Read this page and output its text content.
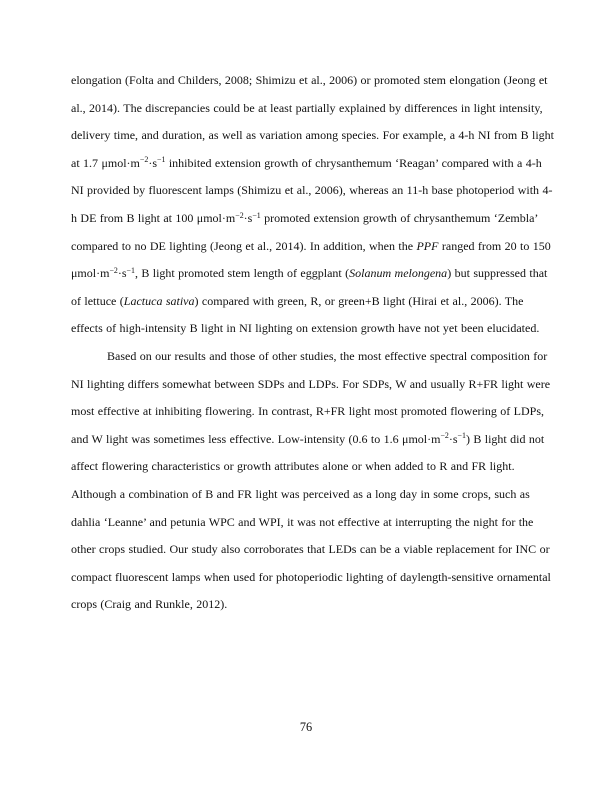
elongation (Folta and Childers, 2008; Shimizu et al., 2006) or promoted stem elongation (Jeong et al., 2014). The discrepancies could be at least partially explained by differences in light intensity, delivery time, and duration, as well as variation among species. For example, a 4-h NI from B light at 1.7 $\mu mol\cdot m^{-2}\cdot s^{-1}$ inhibited extension growth of chrysanthemum ‘Reagan’ compared with a 4-h NI provided by fluorescent lamps (Shimizu et al., 2006), whereas an 11-h base photoperiod with 4-h DE from B light at 100 $\mu mol\cdot m^{-2}\cdot s^{-1}$ promoted extension growth of chrysanthemum ‘Zembla’ compared to no DE lighting (Jeong et al., 2014). In addition, when the PPF ranged from 20 to 150 $\mu mol\cdot m^{-2}\cdot s^{-1}$, B light promoted stem length of eggplant (Solanum melongena) but suppressed that of lettuce (Lactuca sativa) compared with green, R, or green+B light (Hirai et al., 2006). The effects of high-intensity B light in NI lighting on extension growth have not yet been elucidated.

Based on our results and those of other studies, the most effective spectral composition for NI lighting differs somewhat between SDPs and LDPs. For SDPs, W and usually R+FR light were most effective at inhibiting flowering. In contrast, R+FR light most promoted flowering of LDPs, and W light was sometimes less effective. Low-intensity (0.6 to 1.6 $\mu mol\cdot m^{-2}\cdot s^{-1}$) B light did not affect flowering characteristics or growth attributes alone or when added to R and FR light. Although a combination of B and FR light was perceived as a long day in some crops, such as dahlia ‘Leanne’ and petunia WPC and WPI, it was not effective at interrupting the night for the other crops studied. Our study also corroborates that LEDs can be a viable replacement for INC or compact fluorescent lamps when used for photoperiodic lighting of daylength-sensitive ornamental crops (Craig and Runkle, 2012).

76
